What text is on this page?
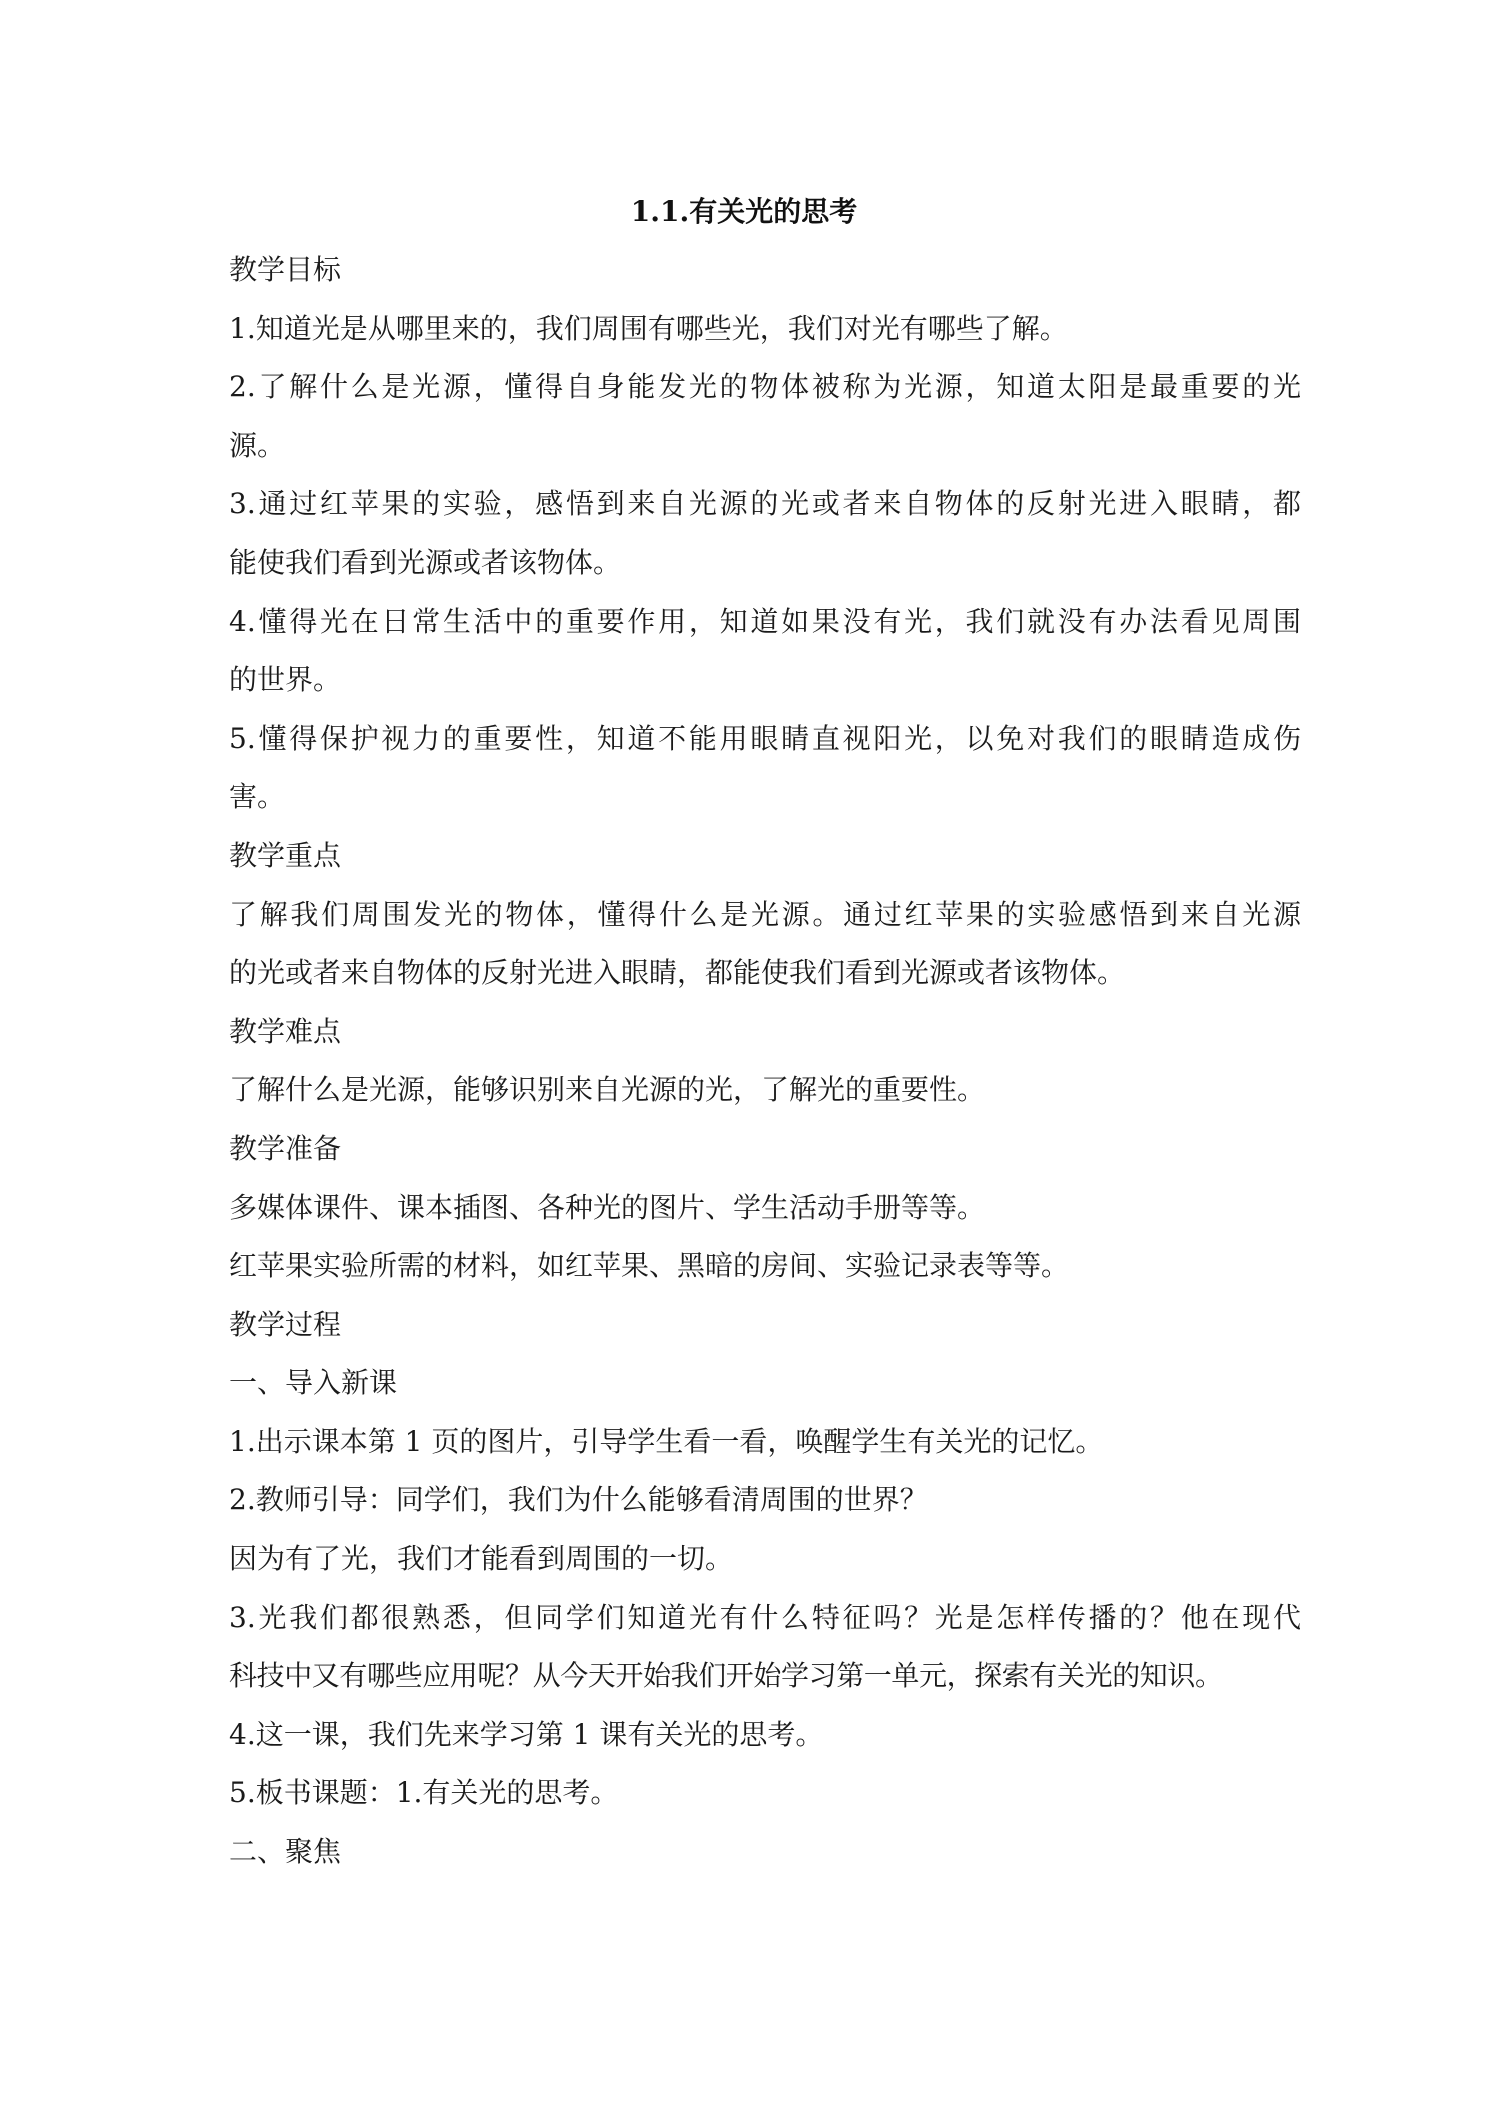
1.1.有关光的思考
教学目标
1.知道光是从哪里来的，我们周围有哪些光，我们对光有哪些了解。
2.了解什么是光源，懂得自身能发光的物体被称为光源，知道太阳是最重要的光
源。
3.通过红苹果的实验，感悟到来自光源的光或者来自物体的反射光进入眼睛，都
能使我们看到光源或者该物体。
4.懂得光在日常生活中的重要作用，知道如果没有光，我们就没有办法看见周围
的世界。
5.懂得保护视力的重要性，知道不能用眼睛直视阳光，以免对我们的眼睛造成伤
害。
教学重点
了解我们周围发光的物体，懂得什么是光源。通过红苹果的实验感悟到来自光源
的光或者来自物体的反射光进入眼睛，都能使我们看到光源或者该物体。
教学难点
了解什么是光源，能够识别来自光源的光，了解光的重要性。
教学准备
多媒体课件、课本插图、各种光的图片、学生活动手册等等。
红苹果实验所需的材料，如红苹果、黑暗的房间、实验记录表等等。
教学过程
一、导入新课
1.出示课本第 1 页的图片，引导学生看一看，唤醒学生有关光的记忆。
2.教师引导：同学们，我们为什么能够看清周围的世界？
因为有了光，我们才能看到周围的一切。
3.光我们都很熟悉，但同学们知道光有什么特征吗？光是怎样传播的？他在现代
科技中又有哪些应用呢？从今天开始我们开始学习第一单元，探索有关光的知识。
4.这一课，我们先来学习第 1 课有关光的思考。
5.板书课题：1.有关光的思考。
二、聚焦
